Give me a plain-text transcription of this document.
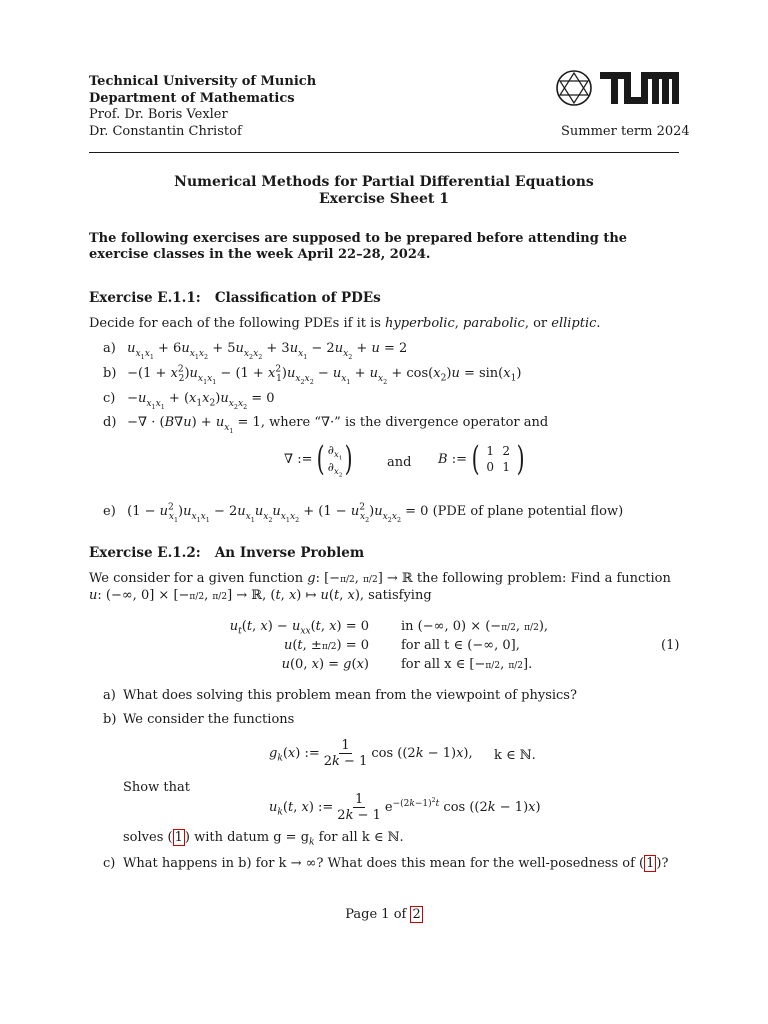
Technical University of Munich
Department of Mathematics
Prof. Dr. Boris Vexler
Dr. Constantin Christof	Summer term 2024
Numerical Methods for Partial Differential Equations
Exercise Sheet 1
The following exercises are supposed to be prepared before attending the exercise classes in the week April 22–28, 2024.
Exercise E.1.1:   Classification of PDEs
Decide for each of the following PDEs if it is hyperbolic, parabolic, or elliptic.
a) $u_{x_1x_1} + 6u_{x_1x_2} + 5u_{x_2x_2} + 3u_{x_1} - 2u_{x_2} + u = 2$
$b) -(1 + x^2_2)u_{x_1x_1} - (1 + x^2_1)u_{x_2x_2} - u_{x_1} + u_{x_2} + \cos(x_2)u = \sin(x_1)$
$c) -u_{x_1x_1} + (x_1x_2)u_{x_2x_2} = 0$
d) −∇ · $(B\nabla u) + u_{x_1} = 1$, where “∇·” is the divergence operator and
∇ := ( $\partial_{x_1}$
$\partial_{x_2}$ )	and B := ( 1 2
0 1 )
e) $(1 - u^2_{x_1})u_{x_1x_1} - 2u_{x_1}u_{x_2}u_{x_1x_2} + (1 - u^2_{x_2})u_{x_2x_2} = 0$ (PDE of plane potential flow)
Exercise E.1.2:   An Inverse Problem
We consider for a given function g: [−π/2, π/2] → ℝ the following problem: Find a function
u: (−∞, 0] × [−π/2, π/2] → ℝ, (t, x) ↦ u(t, x), satisfying
$u_t(t$, $x) - u_{xx}(t$, x) = 0 in (−∞, 0) × (−π/2, π/2),
u(t, ±π/2) = 0 for all t ∈ (−∞, 0],	(1)
u(0, x) = g(x) for all x ∈ [−π/2, π/2].
a) What does solving this problem mean from the viewpoint of physics?
b) We consider the functions
$g_k(x)$ := $\frac{1}{2k - 1}$ cos ((2k − 1)x), k ∈ ℕ.
Show that
$u_k(t$, x) := $\frac{1}{2k - 1} e^{-(2k-1)^2t}$ cos ((2k − 1)x)
solves ( 1 ) with datum $g = g_k$ for all k ∈ ℕ.
c) What happens in b) for k → ∞? What does this mean for the well-posedness of ( 1 )?
Page 1 of 2
